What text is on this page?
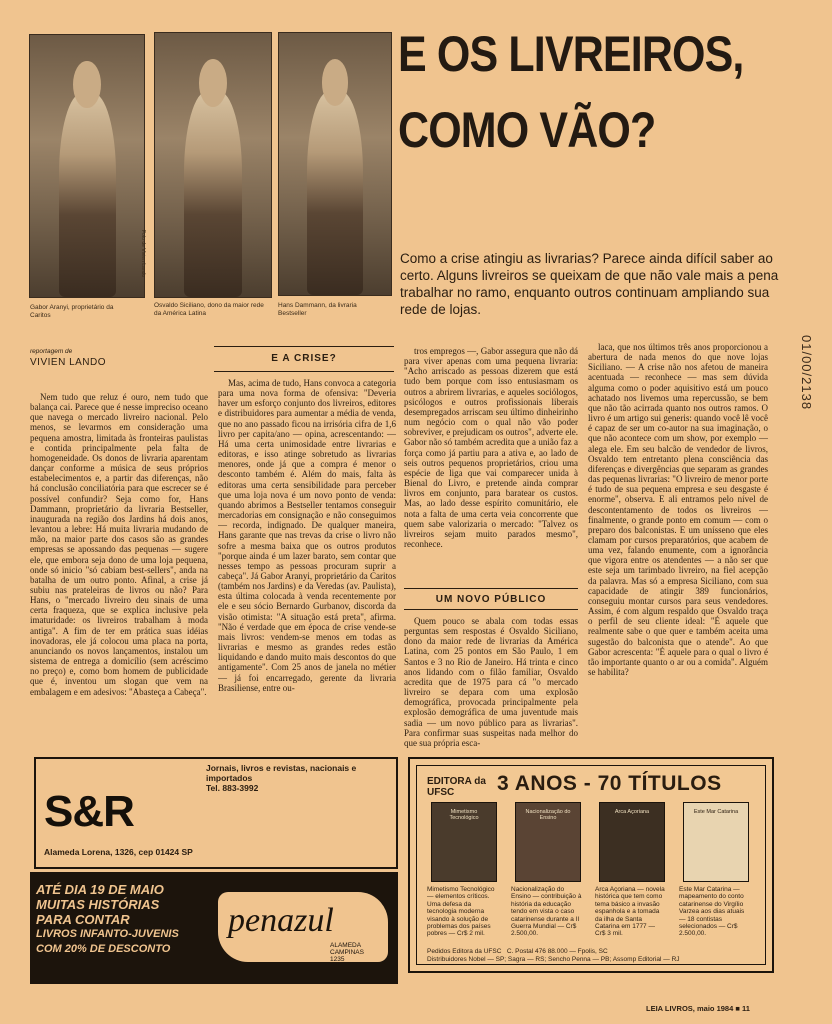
Foto de Vivien Lando
Gabor Aranyi, proprietário da Caritos
Osvaldo Siciliano, dono da maior rede da América Latina
Hans Dammann, da livraria Bestseller
E OS LIVREIROS,
COMO VÃO?
Como a crise atingiu as livrarias? Parece ainda difícil saber ao certo. Alguns livreiros se queixam de que não vale mais a pena trabalhar no ramo, enquanto outros continuam ampliando sua rede de lojas.
01/00/2138
reportagem de
VIVIEN LANDO	E A CRISE?
UM NOVO PÚBLICO
Nem tudo que reluz é ouro, nem tudo que balança cai. Parece que é nesse impreciso oceano que navega o mercado livreiro nacional. Pelo menos, se levarmos em consideração uma pequena amostra, limitada às fronteiras paulistas e contida principalmente pela falta de homogeneidade. Os donos de livraria aparentam dançar conforme a música de seus próprios estabelecimentos e, a partir das diferenças, não há conclusão conciliatória para que escrecer se é possível confundir? Seja como for, Hans Dammann, proprietário da livraria Bestseller, inaugurada na região dos Jardins há dois anos, levantou a lebre: Há muita livraria mudando de mão, na maior parte dos casos são as grandes empresas se apossando das pequenas — sugere ele, que embora seja dono de uma loja pequena, onde só inicio "só cabiam best-sellers", anda na batalha de um outro ponto. Afinal, a crise já subiu nas prateleiras de livros ou não? Para Hans, o "mercado livreiro deu sinais de uma certa fraqueza, que se explica inclusive pela imaturidade: os livreiros trabalham à moda antiga". A fim de ter em prática suas idéias inovadoras, ele já colocou uma placa na porta, anunciando os novos lançamentos, instalou um sistema de entrega a domicílio (sem acréscimo no preço) e, como bom homem de publicidade que é, inventou um slogan que vem na embalagem e em adesivos: "Abasteça a Cabeça".
Mas, acima de tudo, Hans convoca a categoria para uma nova forma de ofensiva: "Deveria haver um esforço conjunto dos livreiros, editores e distribuidores para aumentar a média de venda, que no ano passado ficou na irrisória cifra de 1,6 livro per capita/ano — opina, acrescentando: — Há uma certa unimosidade entre livrarias e editoras, e isso atinge sobretudo as livrarias menores, onde já que a compra é menor o desconto também é. Além do mais, falta às editoras uma certa sensibilidade para perceber que uma loja nova é um novo ponto de venda: quando abrimos a Bestseller tentamos conseguir mercadorias em consignação e não conseguimos — recorda, indignado. De qualquer maneira, Hans garante que nas trevas da crise o livro não sofre a mesma baixa que os outros produtos "porque ainda é um lazer barato, sem contar que nesses tempo as pessoas procuram suprir a cabeça". Já Gabor Aranyi, proprietário da Caritos (também nos Jardins) e da Veredas (av. Paulista), esta última colocada à venda recentemente por ele e seu sócio Bernardo Gurbanov, discorda da visão otimista: "A situação está preta", afirma. "Não é verdade que em época de crise vende-se mais livros: vendem-se menos em todas as livrarias e mesmo as grandes redes estão liquidando e dando muito mais descontos do que antigamente". Com 25 anos de janela no métier — já foi encarregado, gerente da livraria Brasiliense, entre ou-
tros empregos —, Gabor assegura que não dá para viver apenas com uma pequena livraria: "Acho arriscado as pessoas dizerem que está tudo bem porque com isso entusiasmam os outros a abrirem livrarias, e aqueles sociólogos, psicólogos e outros profissionais liberais desempregados arriscam seu último dinheirinho num negócio com o qual não vão poder sobreviver, e prejudicam os outros", adverte ele. Gabor não só também acredita que a união faz a força como já partiu para a ativa e, ao lado de seis outros pequenos proprietários, criou uma espécie de liga que vai comparecer unida à Bienal do Livro, e pretende ainda comprar livros em conjunto, para baratear os custos. Mas, ao lado desse espírito comunitário, ele nota a falta de uma certa veia concorrente que quem sabe valorizaria o mercado: "Talvez os livreiros sejam muito parados mesmo", reconhece.
Quem pouco se abala com todas essas perguntas sem respostas é Osvaldo Siciliano, dono da maior rede de livrarias da América Latina, com 25 pontos em São Paulo, 1 em Santos e 3 no Rio de Janeiro. Há trinta e cinco anos lidando com o filão familiar, Osvaldo acredita que de 1975 para cá "o mercado livreiro se depara com uma explosão demográfica, provocada principalmente pela explosão demográfica de uma juventude mais sadia — um novo público para as livrarias". Para confirmar suas suspeitas nada melhor do que sua própria esca-
laca, que nos últimos três anos proporcionou a abertura de nada menos do que nove lojas Siciliano. — A crise não nos afetou de maneira acentuada — reconhece — mas sem dúvida alguma como o poder aquisitivo está um pouco achatado nos livemos uma repercussão, se bem que não tão acirrada quanto nos outros ramos. O livro é um artigo sui generis: quando você lê você é capaz de ser um co-autor na sua imaginação, o que não acontece com um show, por exemplo — alega ele. Em seu balcão de vendedor de livros, Osvaldo tem entretanto plena consciência das diferenças e divergências que separam as grandes das pequenas livrarias: "O livreiro de menor porte é tudo de sua pequena empresa e seu desgaste é enorme", observa. E ali entramos pelo nível de descontentamento de todos os livreiros — finalmente, o grande ponto em comum — com o preparo dos balconistas. E um unísseno que eles clamam por cursos preparatórios, que acabem de uma vez, falando enumente, com a ignorância que vigora entre os atendentes — a não ser que este seja um tarimbado livreiro, na fiel acepção da palavra. Mas só a empresa Siciliano, com sua capacidade de atingir 389 funcionários, conseguiu montar cursos para seus vendedores. Assim, é com algum respaldo que Osvaldo traça o perfil de seu cliente ideal: "É aquele que realmente sabe o que quer e também aceita uma sugestão do balconista que o atende". Ao que Gabor acrescenta: "É aquele para o qual o livro é tão importante quanto o ar ou a comida". Alguém se habilita?
S&R
Jornais, livros e revistas, nacionais e importados
Tel. 883-3992
Alameda Lorena, 1326, cep 01424 SP
ATÉ DIA 19 DE MAIO
MUITAS HISTÓRIAS
PARA CONTAR
LIVROS INFANTO-JUVENIS
COM 20% DE DESCONTO
penazul
ALAMEDA CAMPINAS 1235
EDITORA da UFSC	3 ANOS - 70 TÍTULOS
Mimetismo Tecnológico
Nacionalização do Ensino
Arca Açoriana	Este Mar Catarina
Mimetismo Tecnológico — elementos críticos. Uma defesa da tecnologia moderna visando à solução de problemas dos países pobres — Cr$ 2 mil.
Nacionalização do Ensino — contribuição à história da educação tendo em vista o caso catarinense durante a II Guerra Mundial — Cr$ 2.500,00.
Arca Açoriana — novela histórica que tem como tema básico a invasão espanhola e a tomada da ilha de Santa Catarina em 1777 — Cr$ 3 mil.
Este Mar Catarina — mapeamento do conto catarinense do Virgílio Varzea aos dias atuais — 18 contistas selecionados — Cr$ 2.500,00.
Pedidos Editora da UFSC C. Postal 476 88.000 — Fpolis, SC
Distribuidores Nobel — SP; Sagra — RS; Sencho Penna — PB; Assomp Editorial — RJ
LEIA LIVROS, maio 1984 ■ 11
